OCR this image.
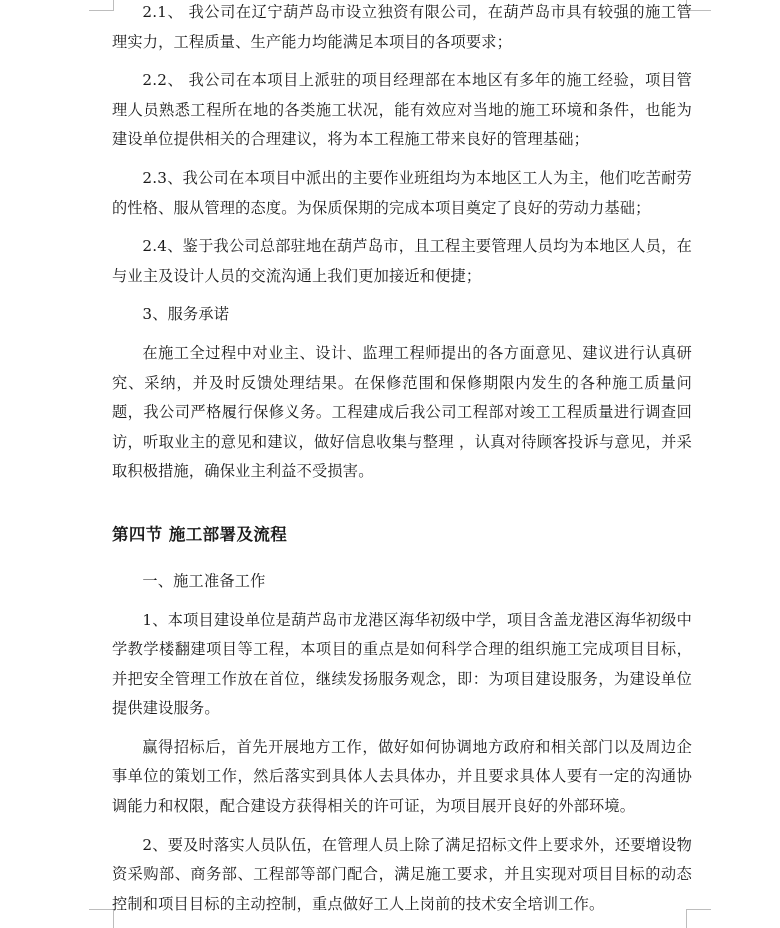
2.1、 我公司在辽宁葫芦岛市设立独资有限公司，在葫芦岛市具有较强的施工管理实力，工程质量、生产能力均能满足本项目的各项要求；

2.2、 我公司在本项目上派驻的项目经理部在本地区有多年的施工经验，项目管理人员熟悉工程所在地的各类施工状况，能有效应对当地的施工环境和条件，也能为建设单位提供相关的合理建议，将为本工程施工带来良好的管理基础；

2.3、我公司在本项目中派出的主要作业班组均为本地区工人为主，他们吃苦耐劳的性格、服从管理的态度。为保质保期的完成本项目奠定了良好的劳动力基础；

2.4、鉴于我公司总部驻地在葫芦岛市，且工程主要管理人员均为本地区人员，在与业主及设计人员的交流沟通上我们更加接近和便捷；

3、服务承诺

在施工全过程中对业主、设计、监理工程师提出的各方面意见、建议进行认真研究、采纳，并及时反馈处理结果。在保修范围和保修期限内发生的各种施工质量问题，我公司严格履行保修义务。工程建成后我公司工程部对竣工工程质量进行调查回访，听取业主的意见和建议，做好信息收集与整理 ，认真对待顾客投诉与意见，并采取积极措施，确保业主利益不受损害。

第四节 施工部署及流程

一、施工准备工作

1、本项目建设单位是葫芦岛市龙港区海华初级中学，项目含盖龙港区海华初级中学教学楼翻建项目等工程，本项目的重点是如何科学合理的组织施工完成项目目标，并把安全管理工作放在首位，继续发扬服务观念，即：为项目建设服务，为建设单位提供建设服务。

赢得招标后，首先开展地方工作，做好如何协调地方政府和相关部门以及周边企事单位的策划工作，然后落实到具体人去具体办，并且要求具体人要有一定的沟通协调能力和权限，配合建设方获得相关的许可证，为项目展开良好的外部环境。

2、要及时落实人员队伍，在管理人员上除了满足招标文件上要求外，还要增设物资采购部、商务部、工程部等部门配合，满足施工要求，并且实现对项目目标的动态控制和项目目标的主动控制，重点做好工人上岗前的技术安全培训工作。
